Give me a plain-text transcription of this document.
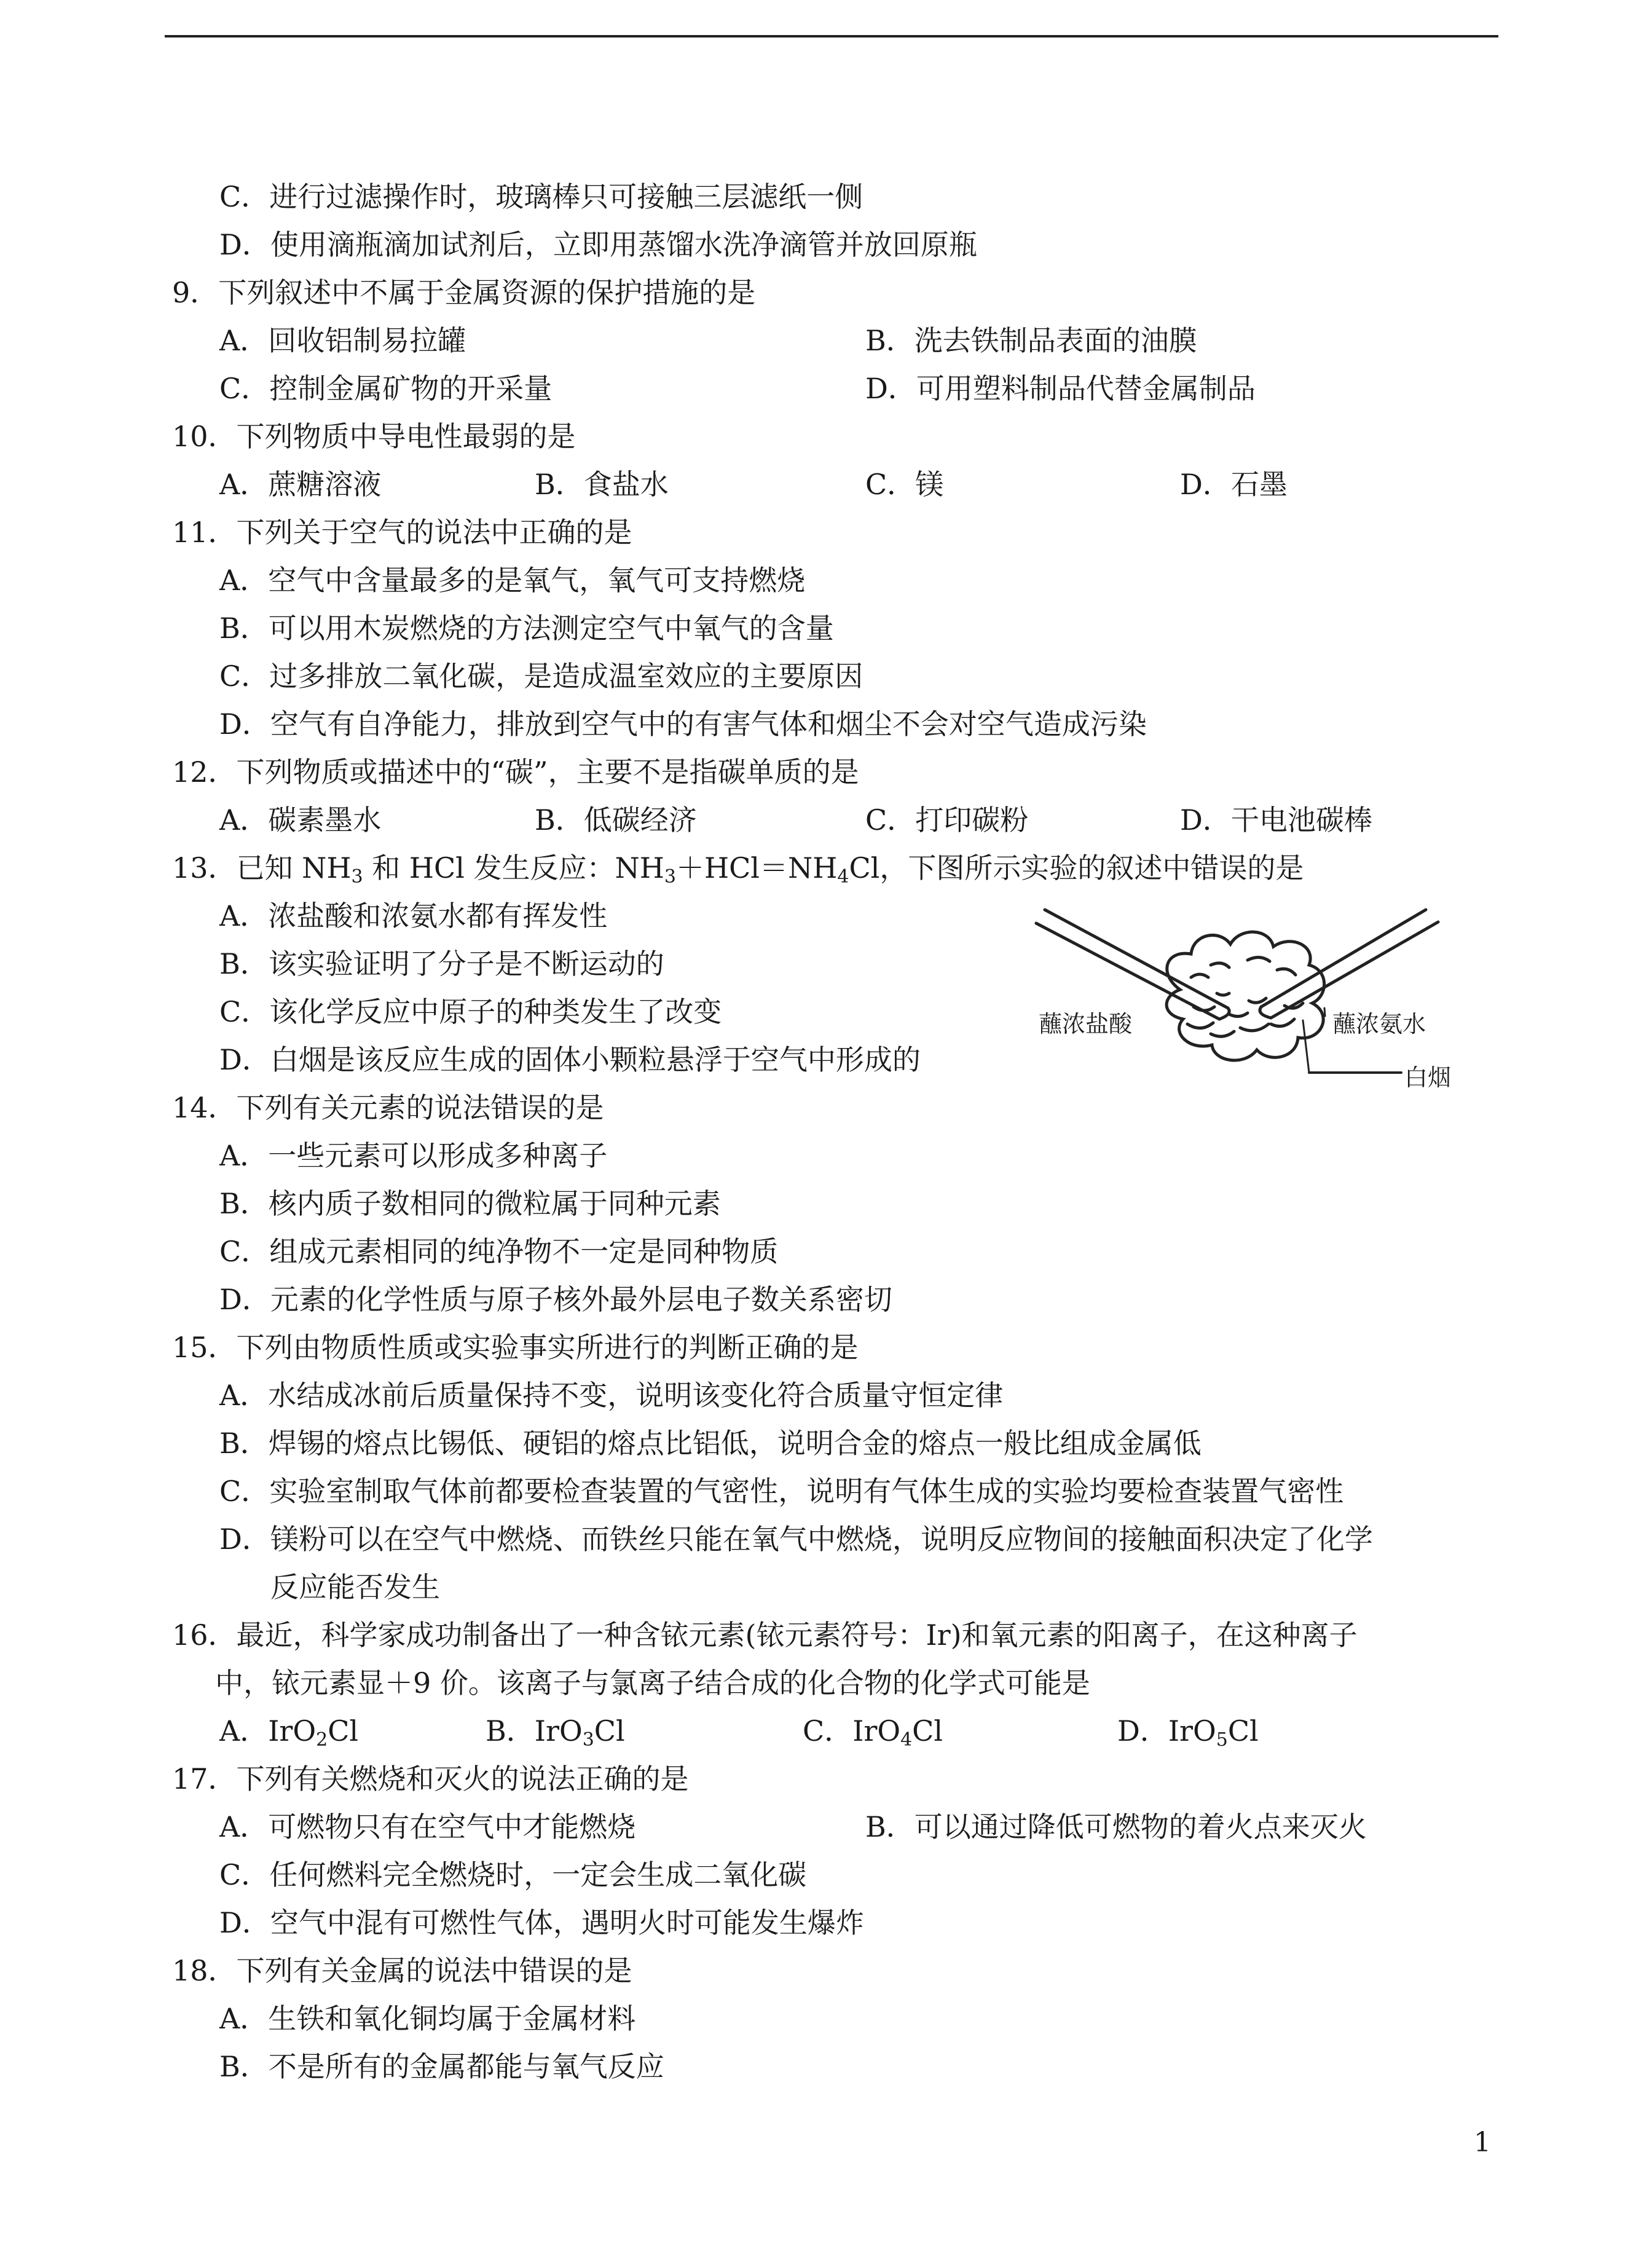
C．进行过滤操作时，玻璃棒只可接触三层滤纸一侧
D．使用滴瓶滴加试剂后，立即用蒸馏水洗净滴管并放回原瓶
9．下列叙述中不属于金属资源的保护措施的是
A．回收铝制易拉罐	B．洗去铁制品表面的油膜
C．控制金属矿物的开采量	D．可用塑料制品代替金属制品
10．下列物质中导电性最弱的是
A．蔗糖溶液	B．食盐水	C．镁	D．石墨
11．下列关于空气的说法中正确的是
A．空气中含量最多的是氧气，氧气可支持燃烧
B．可以用木炭燃烧的方法测定空气中氧气的含量
C．过多排放二氧化碳，是造成温室效应的主要原因
D．空气有自净能力，排放到空气中的有害气体和烟尘不会对空气造成污染
12．下列物质或描述中的“碳”，主要不是指碳单质的是
A．碳素墨水	B．低碳经济	C．打印碳粉	D．干电池碳棒
13．已知 $NH_3$ 和 HCl 发生反应：$NH_3+HCl=NH_4Cl$，下图所示实验的叙述中错误的是
A．浓盐酸和浓氨水都有挥发性
B．该实验证明了分子是不断运动的
C．该化学反应中原子的种类发生了改变
D．白烟是该反应生成的固体小颗粒悬浮于空气中形成的
蘸浓盐酸	蘸浓氨水
白烟
14．下列有关元素的说法错误的是
A．一些元素可以形成多种离子
B．核内质子数相同的微粒属于同种元素
C．组成元素相同的纯净物不一定是同种物质
D．元素的化学性质与原子核外最外层电子数关系密切
15．下列由物质性质或实验事实所进行的判断正确的是
A．水结成冰前后质量保持不变，说明该变化符合质量守恒定律
B．焊锡的熔点比锡低、硬铝的熔点比铝低，说明合金的熔点一般比组成金属低
C．实验室制取气体前都要检查装置的气密性，说明有气体生成的实验均要检查装置气密性
D．镁粉可以在空气中燃烧、而铁丝只能在氧气中燃烧，说明反应物间的接触面积决定了化学
反应能否发生
16．最近，科学家成功制备出了一种含铱元素(铱元素符号：Ir)和氧元素的阳离子，在这种离子
中，铱元素显＋9 价。该离子与氯离子结合成的化合物的化学式可能是
A．IrO$_2$Cl	B．IrO$_3$Cl	C．IrO$_4$Cl	D．IrO$_5$Cl
17．下列有关燃烧和灭火的说法正确的是
A．可燃物只有在空气中才能燃烧	B．可以通过降低可燃物的着火点来灭火
C．任何燃料完全燃烧时，一定会生成二氧化碳
D．空气中混有可燃性气体，遇明火时可能发生爆炸
18．下列有关金属的说法中错误的是
A．生铁和氧化铜均属于金属材料
B．不是所有的金属都能与氧气反应
1
